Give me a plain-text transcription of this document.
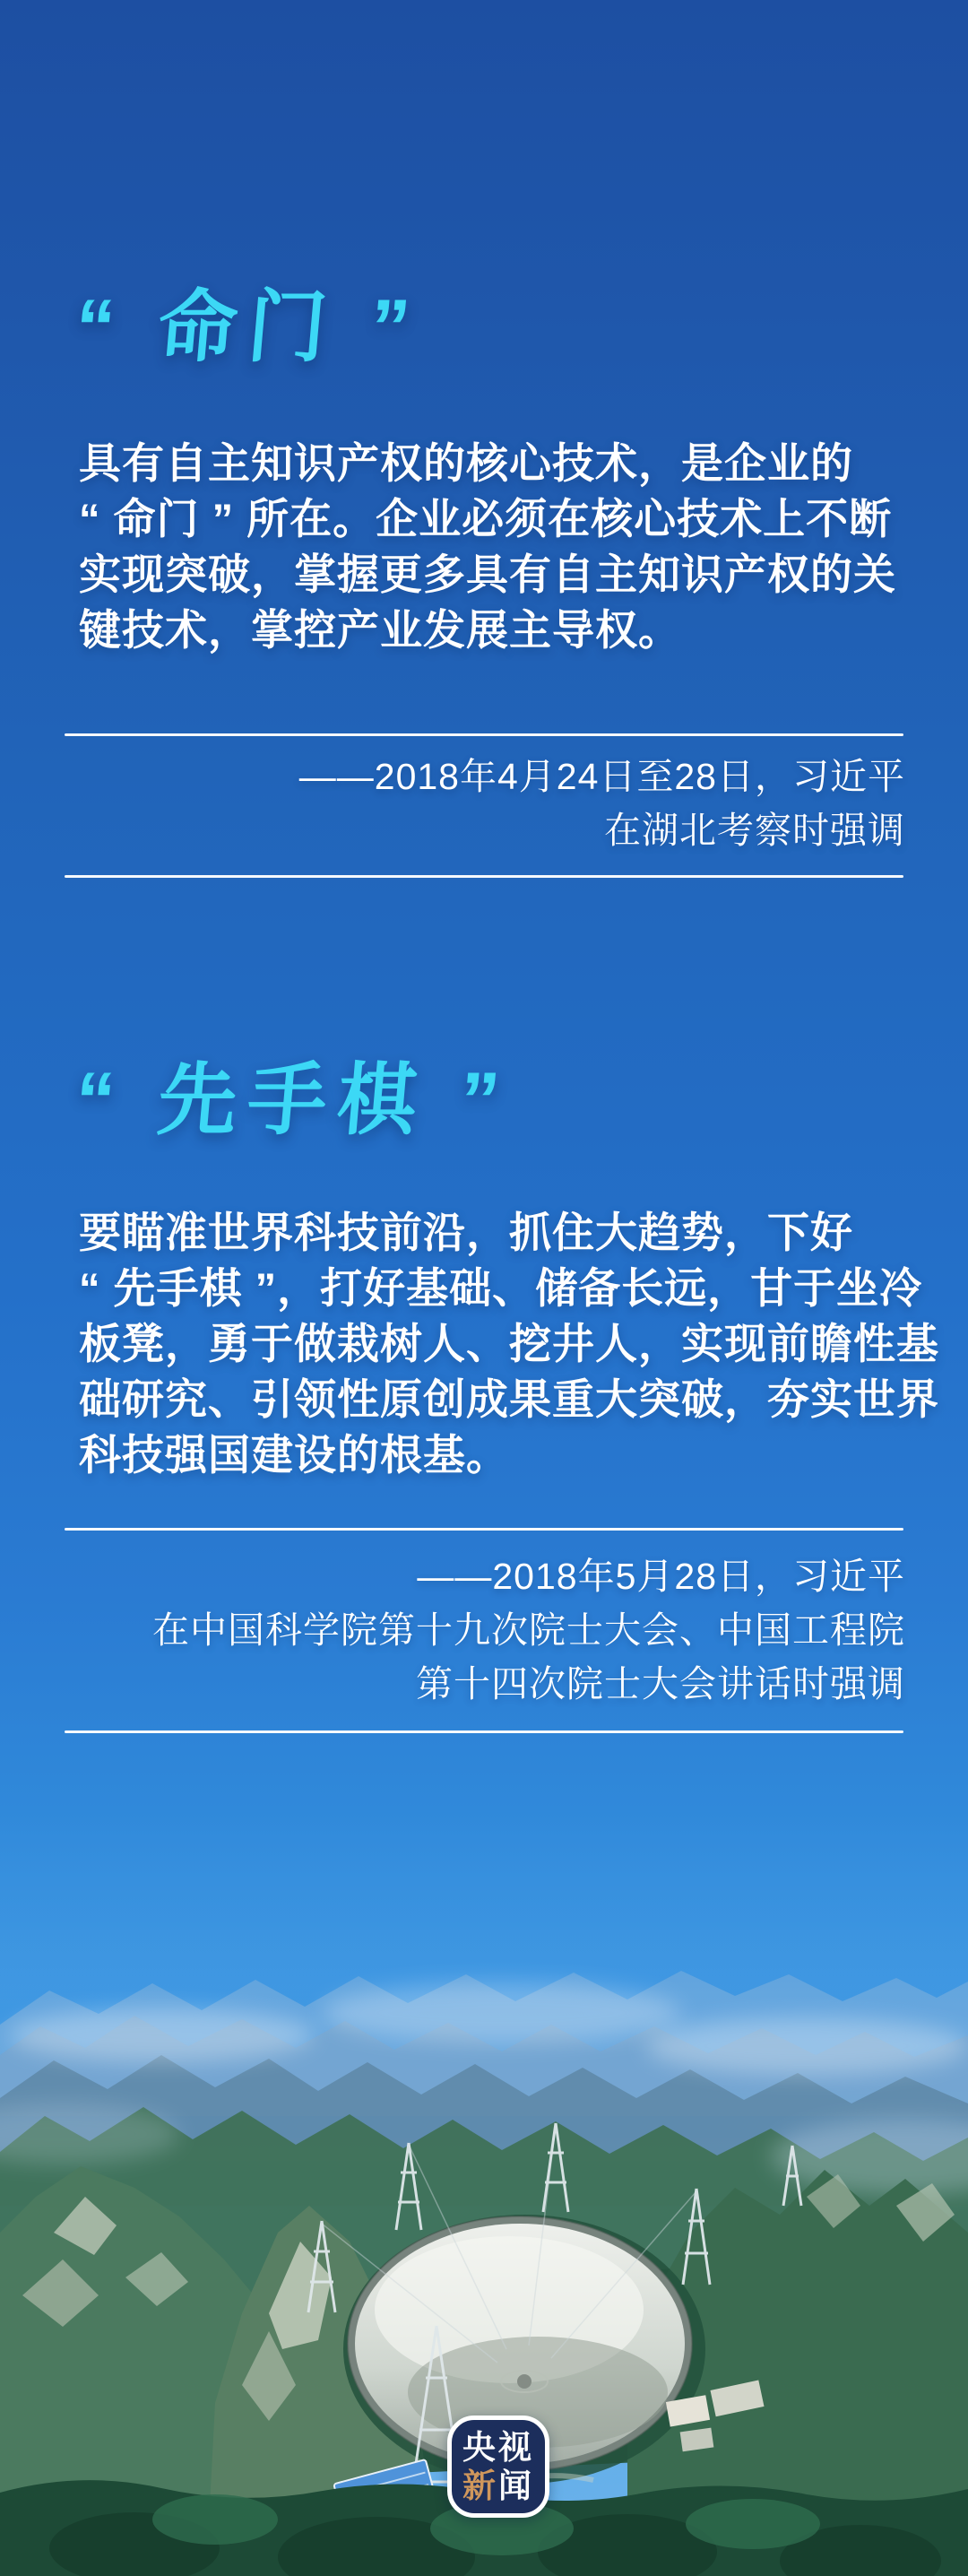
“ 命门 ”
具有自主知识产权的核心技术，是企业的
“ 命门 ” 所在。企业必须在核心技术上不断
实现突破，掌握更多具有自主知识产权的关
键技术，掌控产业发展主导权。
——2018年4月24日至28日，习近平
在湖北考察时强调
“ 先手棋 ”
要瞄准世界科技前沿，抓住大趋势，下好
“ 先手棋 ”，打好基础、储备长远，甘于坐冷
板凳，勇于做栽树人、挖井人，实现前瞻性基
础研究、引领性原创成果重大突破，夯实世界
科技强国建设的根基。
——2018年5月28日，习近平
在中国科学院第十九次院士大会、中国工程院
第十四次院士大会讲话时强调
央视
新闻
